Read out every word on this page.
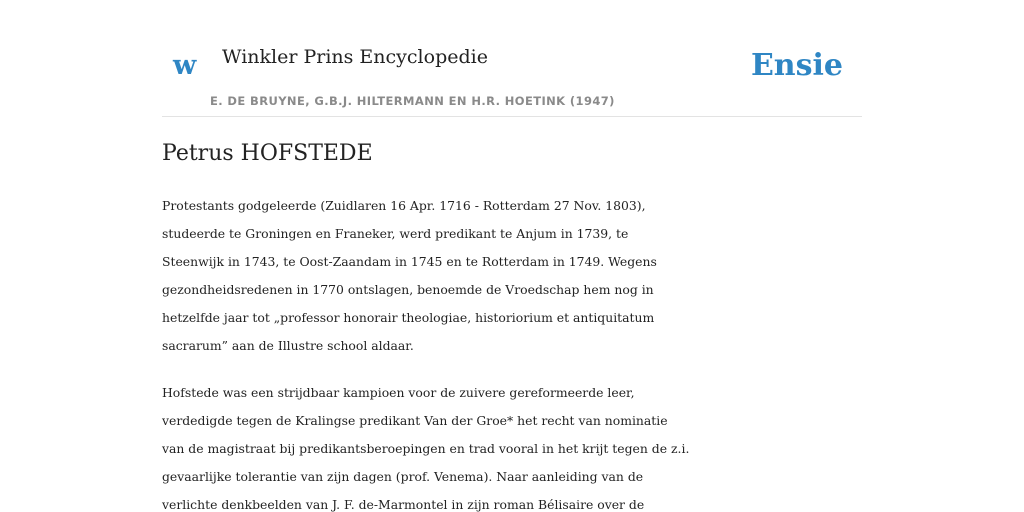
w Winkler Prins Encyclopedie
E. DE BRUYNE, G.B.J. HILTERMANN EN H.R. HOETINK (1947)
Ensie
Petrus HOFSTEDE

Protestants godgeleerde (Zuidlaren 16 Apr. 1716 - Rotterdam 27 Nov. 1803),
studeerde te Groningen en Franeker, werd predikant te Anjum in 1739, te
Steenwijk in 1743, te Oost-Zaandam in 1745 en te Rotterdam in 1749. Wegens
gezondheidsredenen in 1770 ontslagen, benoemde de Vroedschap hem nog in
hetzelfde jaar tot „professor honorair theologiae, historiorium et antiquitatum
sacrarum” aan de Illustre school aldaar.

Hofstede was een strijdbaar kampioen voor de zuivere gereformeerde leer,
verdedigde tegen de Kralingse predikant Van der Groe* het recht van nominatie
van de magistraat bij predikantsberoepingen en trad vooral in het krijt tegen de z.i.
gevaarlijke tolerantie van zijn dagen (prof. Venema). Naar aanleiding van de
verlichte denkbeelden van J. F. de-Marmontel in zijn roman Bélisaire over de
